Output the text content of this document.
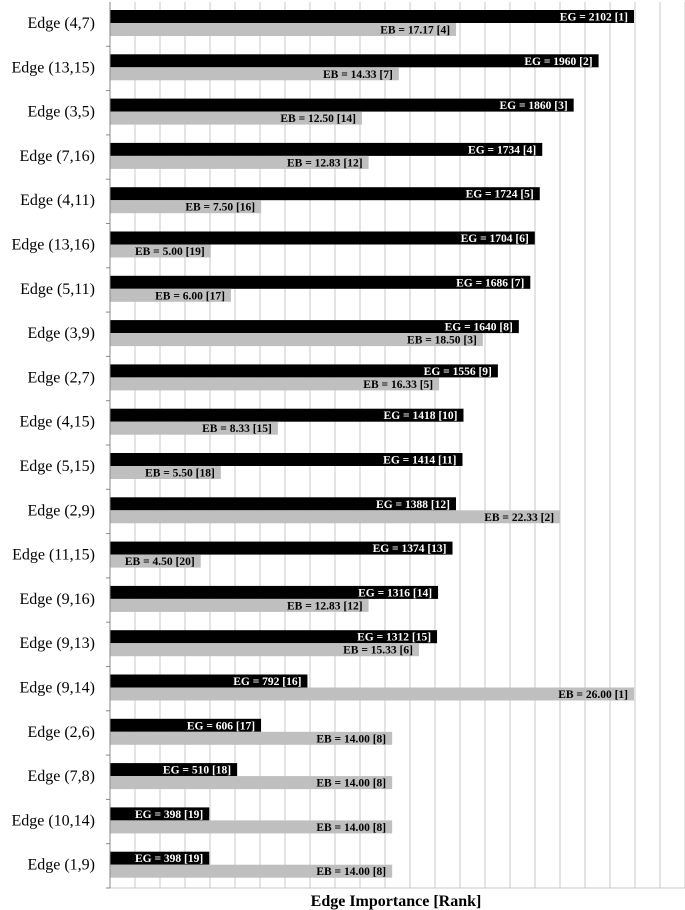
EG = 2102 [1]
EB = 17.17 [4]
EG = 1960 [2]
EB = 14.33 [7]
EG = 1860 [3]
EB = 12.50 [14]
EG = 1734 [4]
EB = 12.83 [12]
EG = 1724 [5]
EB = 7.50 [16]
EG = 1704 [6]
EB = 5.00 [19]
EG = 1686 [7]
EB = 6.00 [17]
EG = 1640 [8]
EB = 18.50 [3]
EG = 1556 [9]
EB = 16.33 [5]
EG = 1418 [10]
EB = 8.33 [15]
EG = 1414 [11]
EB = 5.50 [18]
EG = 1388 [12]
EB = 22.33 [2]
EG = 1374 [13]
EB = 4.50 [20]
EG = 1316 [14]
EB = 12.83 [12]
EG = 1312 [15]
EB = 15.33 [6]
EG = 792 [16]
EB = 26.00 [1]
EG = 606 [17]
EB = 14.00 [8]
EG = 510 [18]
EB = 14.00 [8]
EG = 398 [19]
EB = 14.00 [8]
EG = 398 [19]
EB = 14.00 [8]
Edge (4,7)
Edge (13,15)
Edge (3,5)
Edge (7,16)
Edge (4,11)
Edge (13,16)
Edge (5,11)
Edge (3,9)
Edge (2,7)
Edge (4,15)
Edge (5,15)
Edge (2,9)
Edge (11,15)
Edge (9,16)
Edge (9,13)
Edge (9,14)
Edge (2,6)
Edge (7,8)
Edge (10,14)
Edge (1,9)
Edge Importance [Rank]
